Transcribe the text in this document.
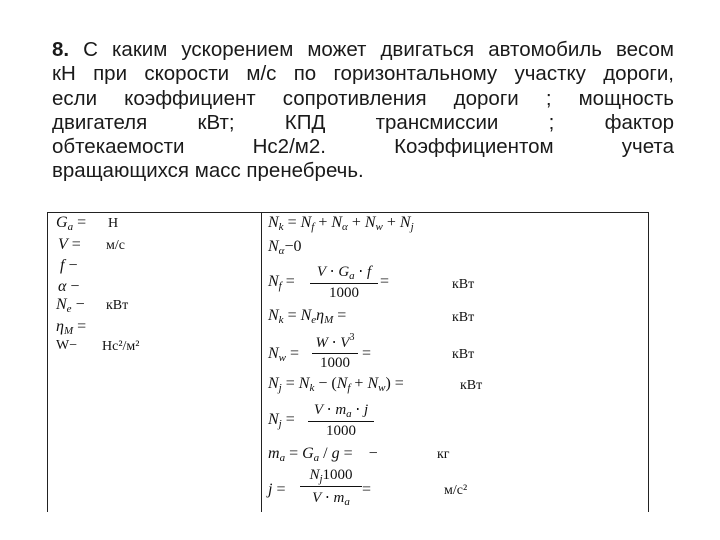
8. С каким ускорением может двигаться автомобиль весом
кН при скорости м/с по горизонтальному участку дороги,
если коэффициент сопротивления дороги ; мощность
двигателя кВт; КПД трансмиссии ; фактор
обтекаемости Нс2/м2. Коэффициентом учета
вращающихся масс пренебречь.
$G_a = Н$
V = м/с
f −
α −
$N_e$ − кВт
$\eta_M$ =
W− Нс²/м²
$N_k = N_f + N_\alpha + N_w + N_j$
$N_\alpha-0$
$N_f = \frac{V \cdot G_a \cdot f}{1000}$ =	кВт
$N_k = N_e\eta_M$ =	кВт
$N_w = \frac{W \cdot V^3}{1000}$ =	кВт
$N_j = N_k - (N_f + N_w)$ =	кВт
$N_j = \frac{V \cdot m_a \cdot j}{1000}$
$m_a = G_a / g$ = −	кг
$j = \frac{N_j1000}{V \cdot m_a}$ =	м/с²
